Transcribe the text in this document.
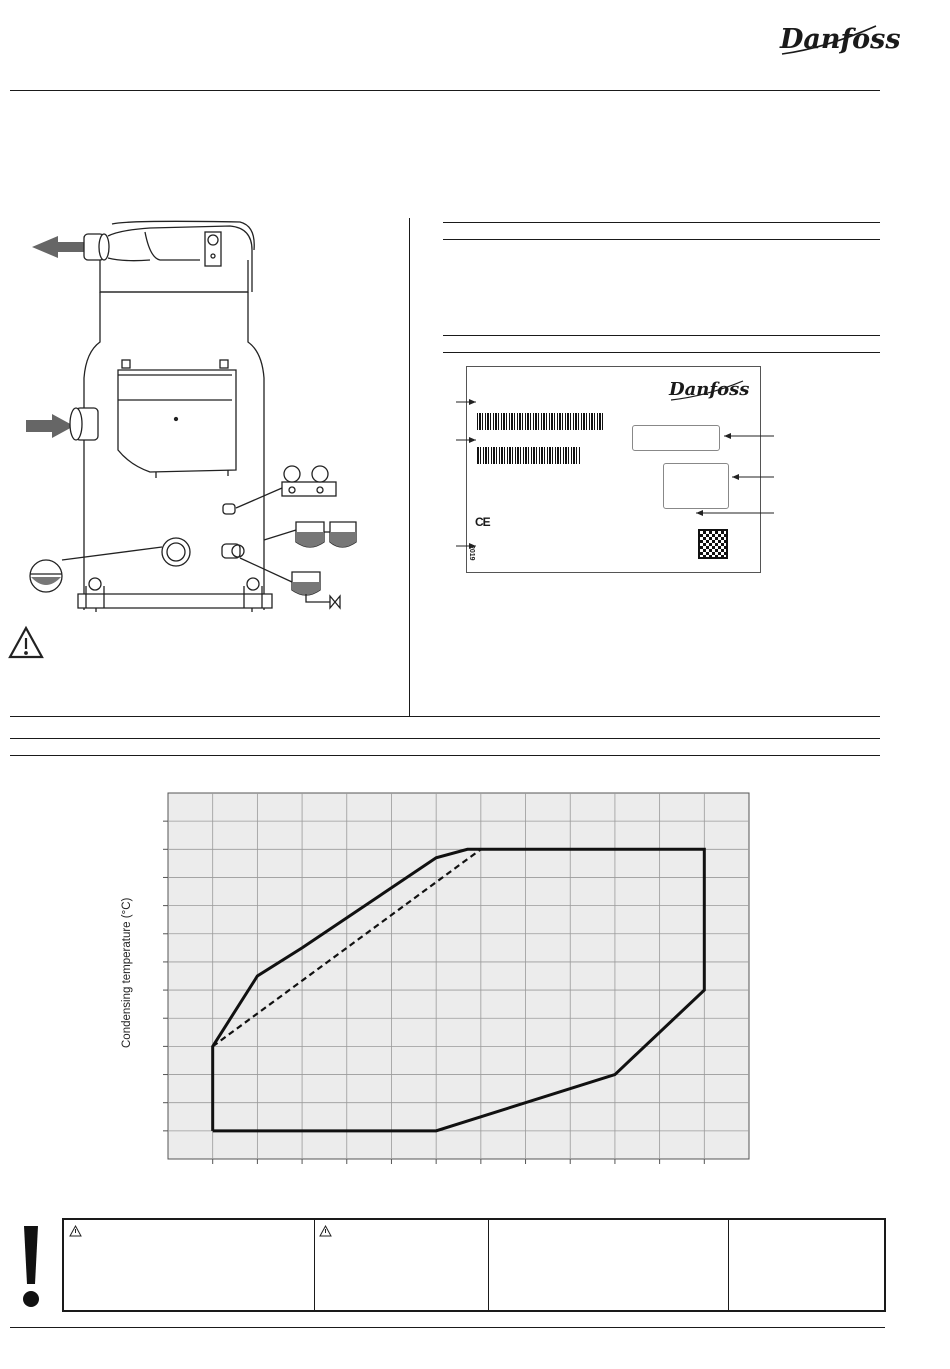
Danfoss
Danfoss
CE
2019
Condensing temperature (°C)
